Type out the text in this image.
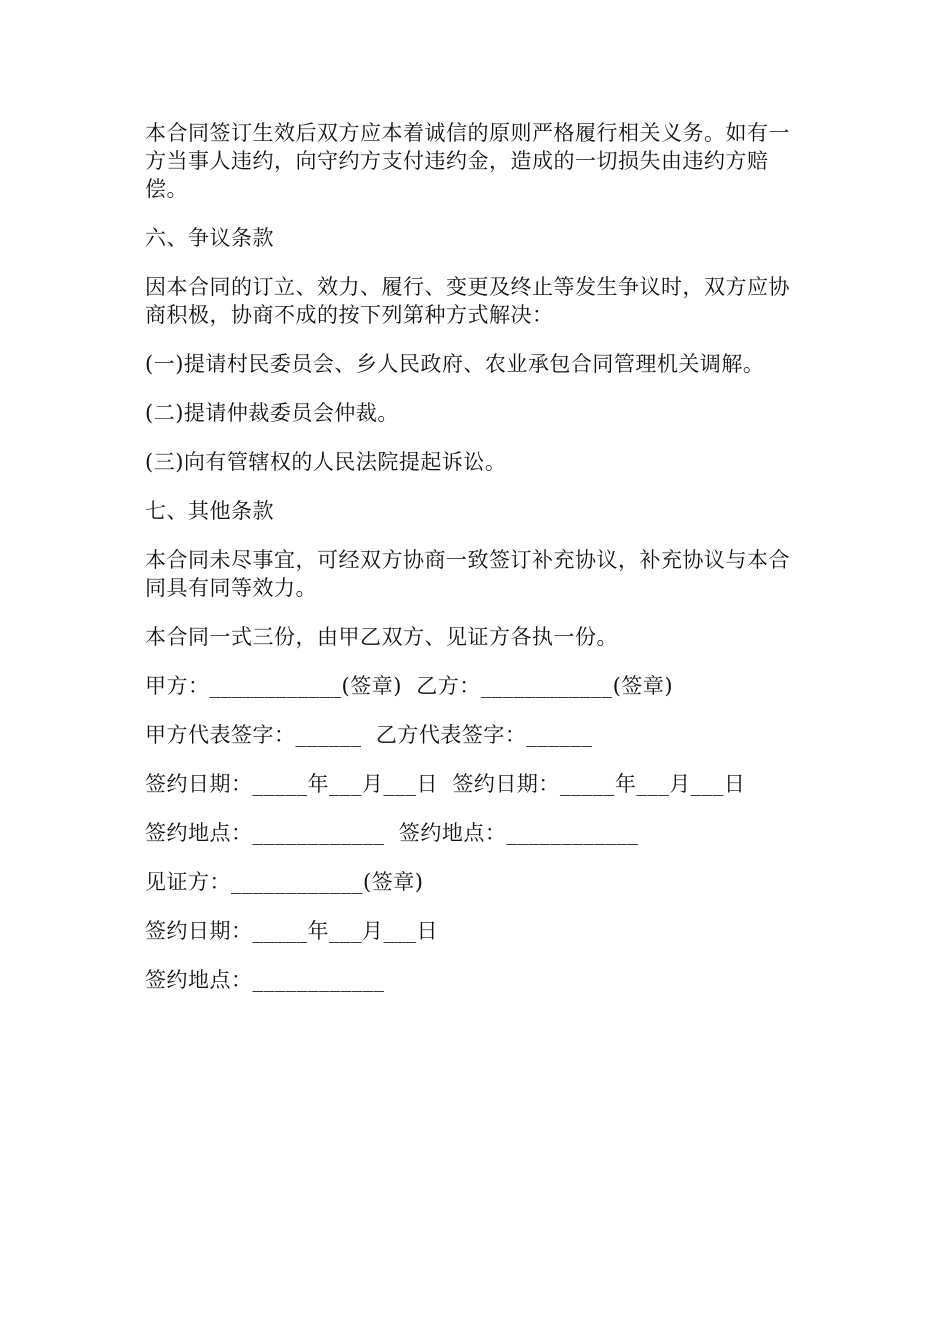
本合同签订生效后双方应本着诚信的原则严格履行相关义务。如有一方当事人违约，向守约方支付违约金，造成的一切损失由违约方赔偿。

六、争议条款

因本合同的订立、效力、履行、变更及终止等发生争议时，双方应协商积极，协商不成的按下列第种方式解决：

(一)提请村民委员会、乡人民政府、农业承包合同管理机关调解。

(二)提请仲裁委员会仲裁。

(三)向有管辖权的人民法院提起诉讼。

七、其他条款

本合同未尽事宜，可经双方协商一致签订补充协议，补充协议与本合同具有同等效力。

本合同一式三份，由甲乙双方、见证方各执一份。

甲方：____________(签章)  乙方：____________(签章)

甲方代表签字：______  乙方代表签字：______

签约日期：_____年___月___日  签约日期：_____年___月___日

签约地点：____________  签约地点：____________

见证方：____________(签章)

签约日期：_____年___月___日

签约地点：____________
